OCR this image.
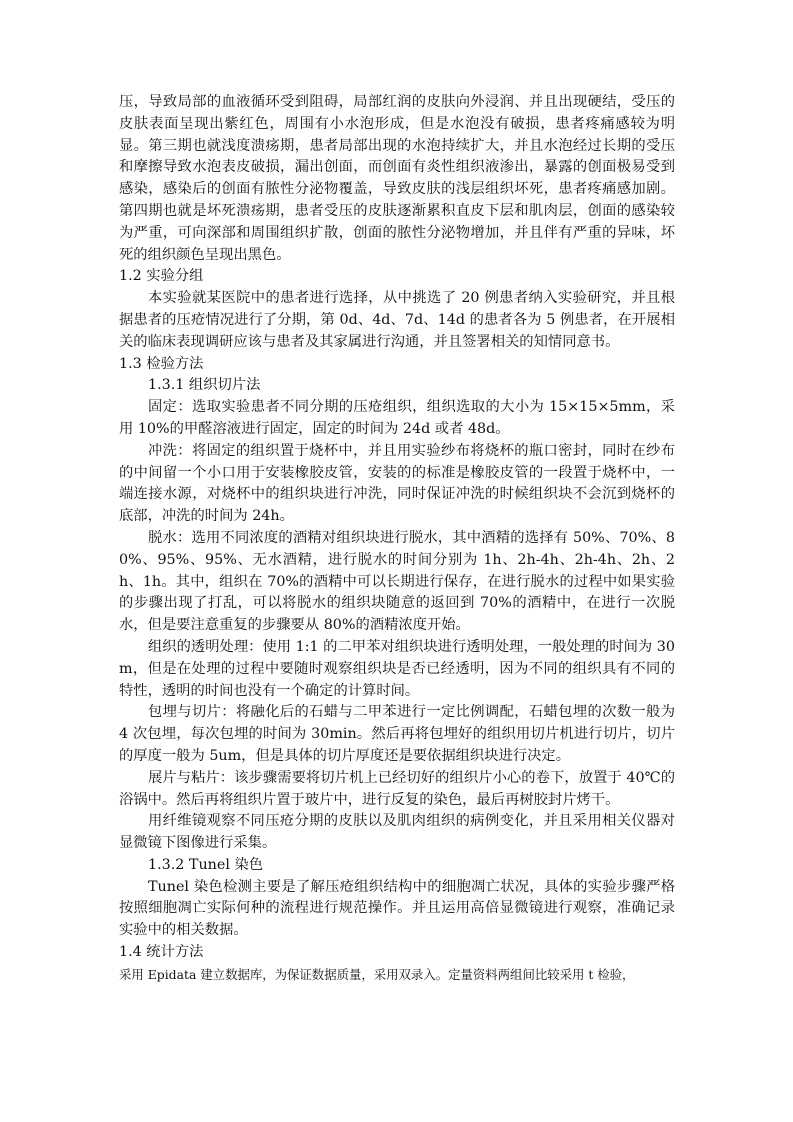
压，导致局部的血液循环受到阻碍，局部红润的皮肤向外浸润、并且出现硬结，受压的皮肤表面呈现出紫红色，周围有小水泡形成，但是水泡没有破损，患者疼痛感较为明显。第三期也就浅度溃疡期，患者局部出现的水泡持续扩大，并且水泡经过长期的受压和摩擦导致水泡表皮破损，漏出创面，而创面有炎性组织液渗出，暴露的创面极易受到感染，感染后的创面有脓性分泌物覆盖，导致皮肤的浅层组织坏死，患者疼痛感加剧。第四期也就是坏死溃疡期，患者受压的皮肤逐渐累积直皮下层和肌肉层，创面的感染较为严重，可向深部和周围组织扩散，创面的脓性分泌物增加，并且伴有严重的异味，坏死的组织颜色呈现出黑色。

1.2 实验分组

本实验就某医院中的患者进行选择，从中挑选了 20 例患者纳入实验研究，并且根据患者的压疮情况进行了分期，第 0d、4d、7d、14d 的患者各为 5 例患者，在开展相关的临床表现调研应该与患者及其家属进行沟通，并且签署相关的知情同意书。

1.3 检验方法
1.3.1 组织切片法

固定：选取实验患者不同分期的压疮组织，组织选取的大小为 15×15×5mm，采用 10%的甲醛溶液进行固定，固定的时间为 24d 或者 48d。

冲洗：将固定的组织置于烧杯中，并且用实验纱布将烧杯的瓶口密封，同时在纱布的中间留一个小口用于安装橡胶皮管，安装的的标准是橡胶皮管的一段置于烧杯中，一端连接水源，对烧杯中的组织块进行冲洗，同时保证冲洗的时候组织块不会沉到烧杯的底部，冲洗的时间为 24h。

脱水：选用不同浓度的酒精对组织块进行脱水，其中酒精的选择有 50%、70%、80%、95%、95%、无水酒精，进行脱水的时间分别为 1h、2h-4h、2h-4h、2h、2h、1h。其中，组织在 70%的酒精中可以长期进行保存，在进行脱水的过程中如果实验的步骤出现了打乱，可以将脱水的组织块随意的返回到 70%的酒精中，在进行一次脱水，但是要注意重复的步骤要从 80%的酒精浓度开始。

组织的透明处理：使用 1:1 的二甲苯对组织块进行透明处理，一般处理的时间为 30m，但是在处理的过程中要随时观察组织块是否已经透明，因为不同的组织具有不同的特性，透明的时间也没有一个确定的计算时间。

包埋与切片：将融化后的石蜡与二甲苯进行一定比例调配，石蜡包埋的次数一般为 4 次包埋，每次包埋的时间为 30min。然后再将包埋好的组织用切片机进行切片，切片的厚度一般为 5um，但是具体的切片厚度还是要依据组织块进行决定。

展片与粘片：该步骤需要将切片机上已经切好的组织片小心的卷下，放置于 40℃的浴锅中。然后再将组织片置于玻片中，进行反复的染色，最后再树胶封片烤干。

用纤维镜观察不同压疮分期的皮肤以及肌肉组织的病例变化，并且采用相关仪器对显微镜下图像进行采集。

1.3.2 Tunel 染色

Tunel 染色检测主要是了解压疮组织结构中的细胞凋亡状况，具体的实验步骤严格按照细胞凋亡实际何种的流程进行规范操作。并且运用高倍显微镜进行观察，准确记录实验中的相关数据。

1.4 统计方法
采用 Epidata 建立数据库，为保证数据质量，采用双录入。定量资料两组间比较采用 t 检验，
